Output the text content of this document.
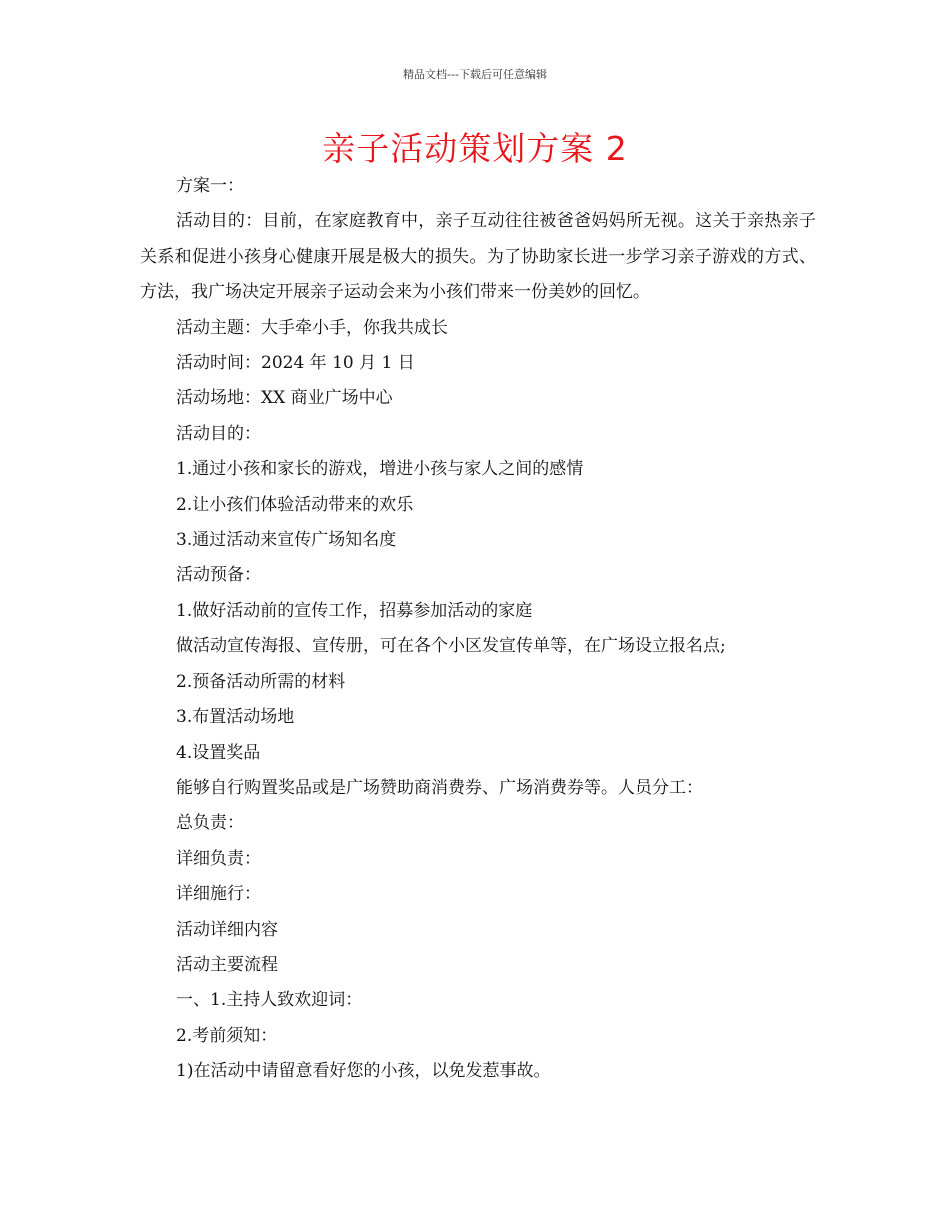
精品文档---下载后可任意编辑
亲子活动策划方案 2

方案一：

活动目的：目前，在家庭教育中，亲子互动往往被爸爸妈妈所无视。这关于亲热亲子关系和促进小孩身心健康开展是极大的损失。为了协助家长进一步学习亲子游戏的方式、方法，我广场决定开展亲子运动会来为小孩们带来一份美妙的回忆。

活动主题：大手牵小手，你我共成长

活动时间：2024 年 10 月 1 日

活动场地：XX 商业广场中心

活动目的：

1.通过小孩和家长的游戏，增进小孩与家人之间的感情

2.让小孩们体验活动带来的欢乐

3.通过活动来宣传广场知名度

活动预备：

1.做好活动前的宣传工作，招募参加活动的家庭

做活动宣传海报、宣传册，可在各个小区发宣传单等，在广场设立报名点;

2.预备活动所需的材料

3.布置活动场地

4.设置奖品

能够自行购置奖品或是广场赞助商消费券、广场消费券等。人员分工：

总负责：

详细负责：

详细施行：

活动详细内容

活动主要流程

一、1.主持人致欢迎词：

2.考前须知：

1)在活动中请留意看好您的小孩，以免发惹事故。
